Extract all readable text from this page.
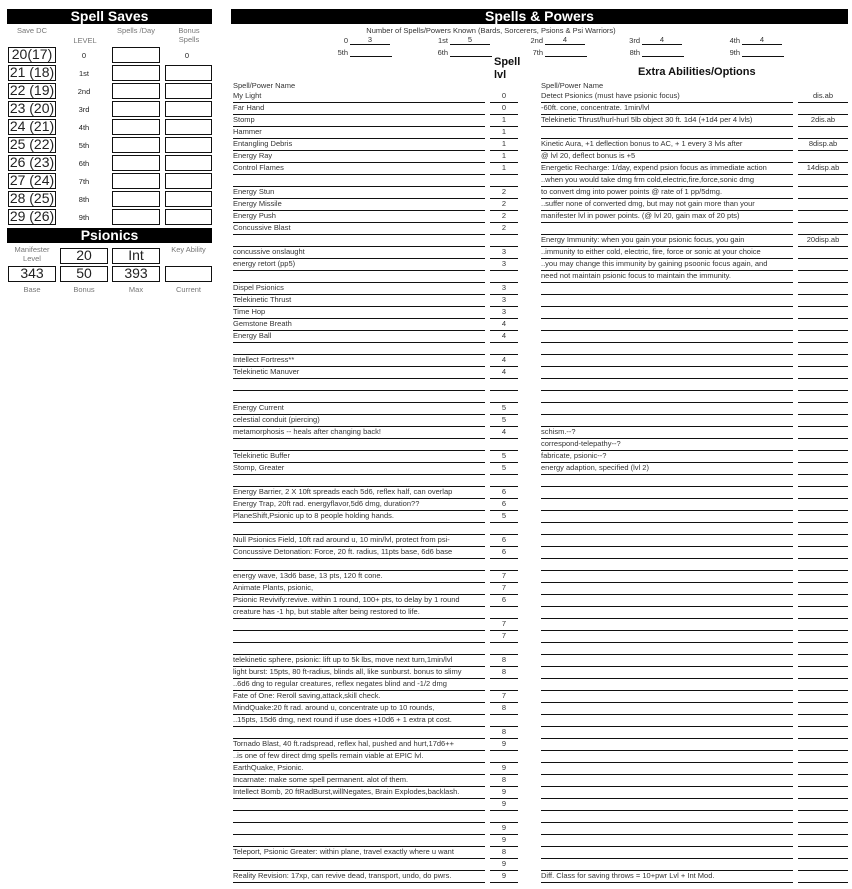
Spell Saves
Save DC
LEVEL
Spells /Day	Bonus Spells
20(17)	0	0
21 (18)	1st
22 (19)	2nd
23 (20)	3rd
24 (21)	4th
25 (22)	5th
26 (23)	6th
27 (24)	7th
28 (25)	8th
29 (26)	9th
Psionics
Manifester Level	20	Int	Key Ability
343	50	393
Base	Bonus	Max	Current
Spells & Powers
Number of Spells/Powers Known (Bards, Sorcerers, Psions & Psi Warriors)
0	3	1st	5	2nd	4	3rd	4	4th	4
5th	6th	7th	8th	9th
Spell lvl	Extra Abilities/Options
Spell/Power Name	Spell/Power Name
My Light	0
Far Hand	0
Stomp	1
Hammer	1
Entangling Debris	1
Energy Ray	1
Control Flames	1
Energy Stun	2
Energy Missile	2
Energy Push	2
Concussive Blast	2
concussive onslaught	3
energy retort (pp5)	3
Dispel Psionics	3
Telekinetic Thrust	3
Time Hop	3
Gemstone Breath	4
Energy Ball	4
Intellect Fortress**	4
Telekinetic Manuver	4
Energy Current	5
celestial conduit (piercing)	5
metamorphosis -- heals after changing back!	4
Telekinetic Buffer	5
Stomp, Greater	5
Energy Barrier, 2 X 10ft spreads each 5d6, reflex half, can overlap	6
Energy Trap, 20ft rad. energyflavor,5d6 dmg, duration??	6
PlaneShift,Psionic up to 8 people holding hands.	5
Null Psionics Field, 10ft rad around u, 10 min/lvl, protect from psi-	6
Concussive Detonation: Force, 20 ft. radius, 11pts base, 6d6 base	6
energy wave, 13d6 base, 13 pts, 120 ft cone.	7
Animate Plants, psionic,	7
Psionic Revivify:revive. within 1 round, 100+ pts, to delay by 1 round	6
creature has -1 hp, but stable after being restored to life.
7
7
telekinetic sphere, psionic: lift up to 5k lbs, move next turn,1min/lvl	8
light burst: 15pts, 80 ft-radius, blinds all, like sunburst. bonus to slimy	8
..6d6 dng to regular creatures, reflex negates blind and -1/2 dmg
Fate of One: Reroll saving,attack,skill check.	7
MindQuake:20 ft rad. around u, concentrate up to 10 rounds,	8
..15pts, 15d6 dmg, next round if use does +10d6 + 1 extra pt cost.
8
Tornado Blast, 40 ft.radspread, reflex hal, pushed and hurt,17d6++	9
..is one of few direct dmg spells remain viable at EPIC lvl.
EarthQuake, Psionic.	9
Incarnate: make some spell permanent. alot of them.	8
Intellect Bomb, 20 ftRadBurst,willNegates, Brain Explodes,backlash.	9
9
9
9
Teleport, Psionic Greater: within plane, travel exactly where u want	8
9
Reality Revision: 17xp, can revive dead, transport, undo, do pwrs.	9
Detect Psionics (must have psionic focus)	dis.ab
-60ft. cone, concentrate. 1min/lvl
Telekinetic Thrust/hurl-hurl 5lb object 30 ft. 1d4 (+1d4 per 4 lvls)	2dis.ab
Kinetic Aura, +1 deflection bonus to AC, + 1 every 3 lvls after	8disp.ab
@ lvl 20, deflect bonus is +5
Energetic Recharge: 1/day, expend psion focus as immediate action	14disp.ab
..when you would take dmg frm cold,electric,fire,force,sonic dmg
to convert dmg into power points @ rate of 1 pp/5dmg.
..suffer none of converted dmg, but may not gain more than your
manifester lvl in power points. (@ lvl 20, gain max of 20 pts)
Energy Immunity: when you gain your psionic focus, you gain	20disp.ab
..immunity to either cold, electric, fire, force or sonic at your choice
..you may change this immunity by gaining psoonic focus again, and
need not maintain psionic focus to maintain the immunity.
schism.--?
correspond-telepathy--?
fabricate, psionic--?
energy adaption, specified (lvl 2)
Diff. Class for saving throws = 10+pwr Lvl + Int Mod.
